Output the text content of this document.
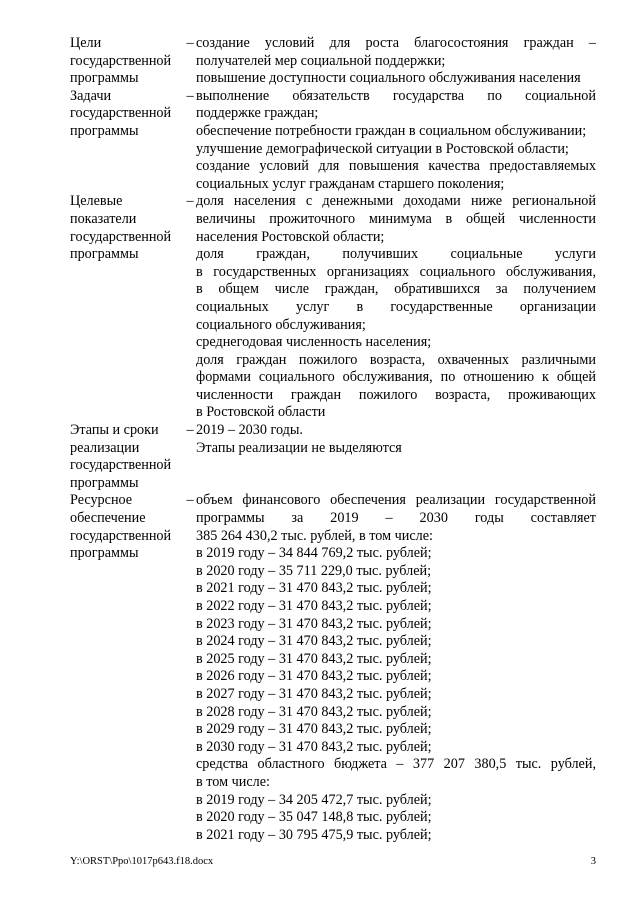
Цели государственной программы
– создание условий для роста благосостояния граждан –
получателей мер социальной поддержки;
повышение доступности социального обслуживания населения
Задачи государственной программы
– выполнение обязательств государства по социальной
поддержке граждан;
обеспечение потребности граждан в социальном обслуживании;
улучшение демографической ситуации в Ростовской области;
создание условий для повышения качества предоставляемых
социальных услуг гражданам старшего поколения;
Целевые показатели государственной программы
– доля населения с денежными доходами ниже региональной
величины прожиточного минимума в общей численности
населения Ростовской области;
доля граждан, получивших социальные услуги
в государственных организациях социального обслуживания,
в общем числе граждан, обратившихся за получением
социальных услуг в государственные организации
социального обслуживания;
среднегодовая численность населения;
доля граждан пожилого возраста, охваченных различными
формами социального обслуживания, по отношению к общей
численности граждан пожилого возраста, проживающих
в Ростовской области
Этапы и сроки реализации государственной программы
– 2019 – 2030 годы.
Этапы реализации не выделяются
Ресурсное обеспечение государственной программы
– объем финансового обеспечения реализации государственной
программы за 2019 – 2030 годы составляет
385 264 430,2 тыс. рублей, в том числе:
в 2019 году – 34 844 769,2 тыс. рублей;
в 2020 году – 35 711 229,0 тыс. рублей;
в 2021 году – 31 470 843,2 тыс. рублей;
в 2022 году – 31 470 843,2 тыс. рублей;
в 2023 году – 31 470 843,2 тыс. рублей;
в 2024 году – 31 470 843,2 тыс. рублей;
в 2025 году – 31 470 843,2 тыс. рублей;
в 2026 году – 31 470 843,2 тыс. рублей;
в 2027 году – 31 470 843,2 тыс. рублей;
в 2028 году – 31 470 843,2 тыс. рублей;
в 2029 году – 31 470 843,2 тыс. рублей;
в 2030 году – 31 470 843,2 тыс. рублей;
средства областного бюджета – 377 207 380,5 тыс. рублей,
в том числе:
в 2019 году – 34 205 472,7 тыс. рублей;
в 2020 году – 35 047 148,8 тыс. рублей;
в 2021 году – 30 795 475,9 тыс. рублей;
Y:\ORST\Ppo\1017p643.f18.docx	3
